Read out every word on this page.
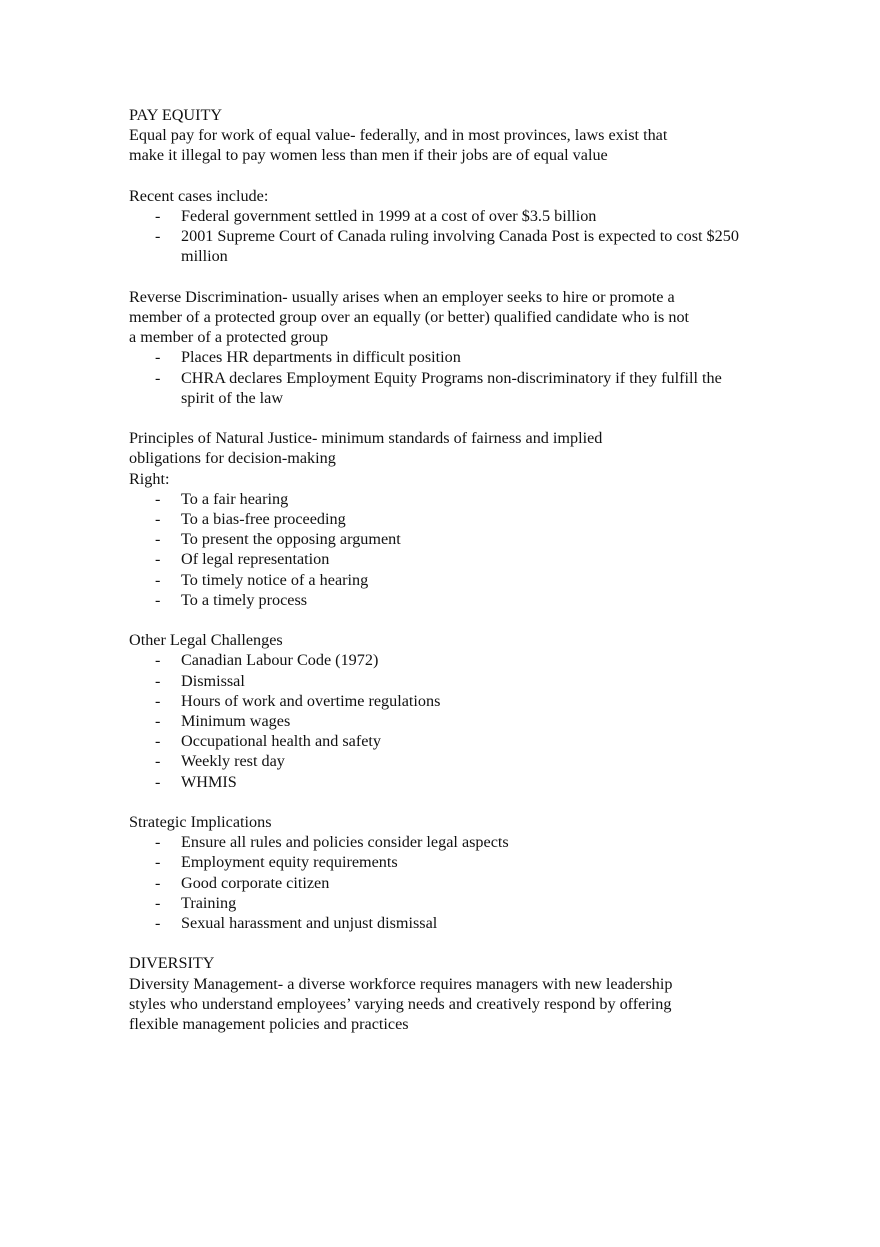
PAY EQUITY
Equal pay for work of equal value- federally, and in most provinces, laws exist that
make it illegal to pay women less than men if their jobs are of equal value
Recent cases include:
- Federal government settled in 1999 at a cost of over $3.5 billion
- 2001 Supreme Court of Canada ruling involving Canada Post is expected to cost $250 million
Reverse Discrimination- usually arises when an employer seeks to hire or promote a
member of a protected group over an equally (or better) qualified candidate who is not
a member of a protected group
- Places HR departments in difficult position
- CHRA declares Employment Equity Programs non-discriminatory if they fulfill the spirit of the law
Principles of Natural Justice- minimum standards of fairness and implied
obligations for decision-making
Right:
- To a fair hearing
- To a bias-free proceeding
- To present the opposing argument
- Of legal representation
- To timely notice of a hearing
- To a timely process
Other Legal Challenges
- Canadian Labour Code (1972)
- Dismissal
- Hours of work and overtime regulations
- Minimum wages
- Occupational health and safety
- Weekly rest day
- WHMIS
Strategic Implications
- Ensure all rules and policies consider legal aspects
- Employment equity requirements
- Good corporate citizen
- Training
- Sexual harassment and unjust dismissal
DIVERSITY
Diversity Management- a diverse workforce requires managers with new leadership
styles who understand employees’ varying needs and creatively respond by offering
flexible management policies and practices
